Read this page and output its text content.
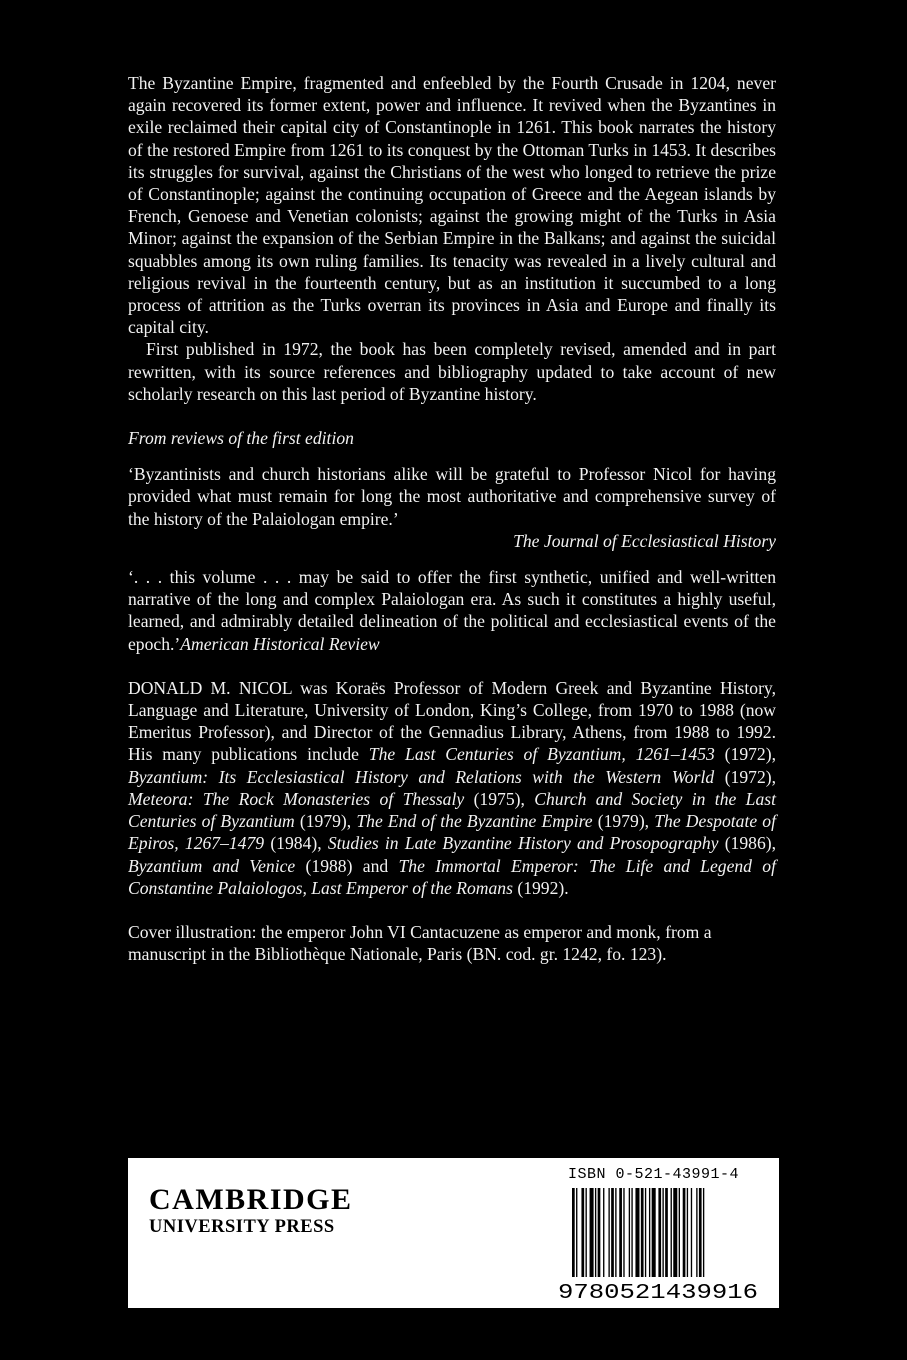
The Byzantine Empire, fragmented and enfeebled by the Fourth Crusade in 1204, never again recovered its former extent, power and influence. It revived when the Byzantines in exile reclaimed their capital city of Constantinople in 1261. This book narrates the history of the restored Empire from 1261 to its conquest by the Ottoman Turks in 1453. It describes its struggles for survival, against the Christians of the west who longed to retrieve the prize of Constantinople; against the continuing occupation of Greece and the Aegean islands by French, Genoese and Venetian colonists; against the growing might of the Turks in Asia Minor; against the expansion of the Serbian Empire in the Balkans; and against the suicidal squabbles among its own ruling families. Its tenacity was revealed in a lively cultural and religious revival in the fourteenth century, but as an institution it succumbed to a long process of attrition as the Turks overran its provinces in Asia and Europe and finally its capital city.

First published in 1972, the book has been completely revised, amended and in part rewritten, with its source references and bibliography updated to take account of new scholarly research on this last period of Byzantine history.

From reviews of the first edition

‘Byzantinists and church historians alike will be grateful to Professor Nicol for having provided what must remain for long the most authoritative and comprehensive survey of the history of the Palaiologan empire.’

The Journal of Ecclesiastical History

‘. . . this volume . . . may be said to offer the first synthetic, unified and well-written narrative of the long and complex Palaiologan era. As such it constitutes a highly useful, learned, and admirably detailed delineation of the political and ecclesiastical events of the epoch.’American Historical Review

DONALD M. NICOL was Koraës Professor of Modern Greek and Byzantine History, Language and Literature, University of London, King’s College, from 1970 to 1988 (now Emeritus Professor), and Director of the Gennadius Library, Athens, from 1988 to 1992. His many publications include The Last Centuries of Byzantium, 1261–1453 (1972), Byzantium: Its Ecclesiastical History and Relations with the Western World (1972), Meteora: The Rock Monasteries of Thessaly (1975), Church and Society in the Last Centuries of Byzantium (1979), The End of the Byzantine Empire (1979), The Despotate of Epiros, 1267–1479 (1984), Studies in Late Byzantine History and Prosopography (1986), Byzantium and Venice (1988) and The Immortal Emperor: The Life and Legend of Constantine Palaiologos, Last Emperor of the Romans (1992).

Cover illustration: the emperor John VI Cantacuzene as emperor and monk, from a manuscript in the Bibliothèque Nationale, Paris (BN. cod. gr. 1242, fo. 123).

CAMBRIDGE
UNIVERSITY PRESS
ISBN 0-521-43991-4
9780521439916
